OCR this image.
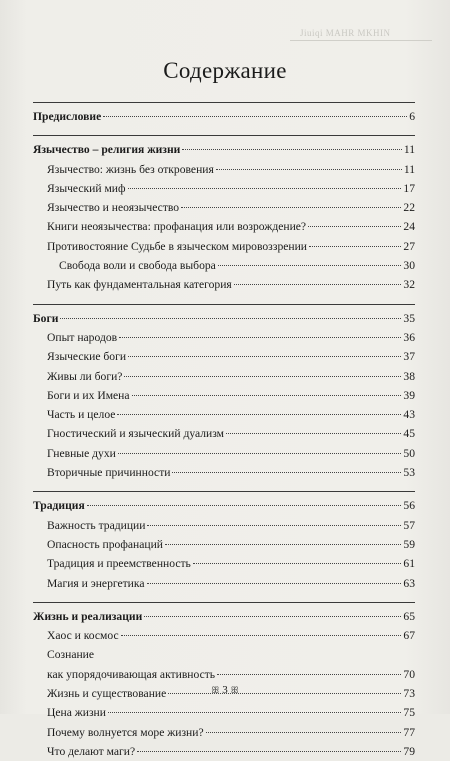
Jiuiqi MAHR MKHIN
Содержание
Предисловие	6
Язычество – религия жизни	11
Язычество: жизнь без откровения	11
Языческий миф	17
Язычество и неоязычество	22
Книги неоязычества: профанация или возрождение?	24
Противостояние Судьбе в языческом мировоззрении	27
Свобода воли и свобода выбора	30
Путь как фундаментальная категория	32
Боги	35
Опыт народов	36
Языческие боги	37
Живы ли боги?	38
Боги и их Имена	39
Часть и целое	43
Гностический и языческий дуализм	45
Гневные духи	50
Вторичные причинности	53
Традиция	56
Важность традиции	57
Опасность профанаций	59
Традиция и преемственность	61
Магия и энергетика	63
Жизнь и реализации	65
Хаос и космос	67
Сознание
как упорядочивающая активность	70
Жизнь и существование	73
Цена жизни	75
Почему волнуется море жизни?	77
Что делают маги?	79
ꕥ 3 ꕥ
